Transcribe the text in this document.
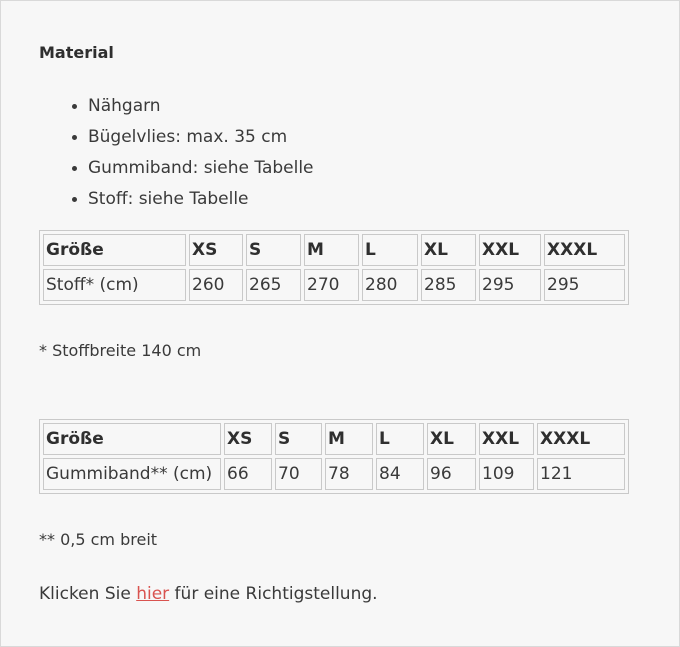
Material
Nähgarn
Bügelvlies: max. 35 cm
Gummiband: siehe Tabelle
Stoff: siehe Tabelle
Größe	XS	S	M	L	XL	XXL	XXXL
Stoff* (cm)	260	265	270	280	285	295	295
* Stoffbreite 140 cm
Größe	XS	S	M	L	XL	XXL	XXXL
Gummiband** (cm)	66	70	78	84	96	109	121
** 0,5 cm breit
Klicken Sie hier für eine Richtigstellung.
